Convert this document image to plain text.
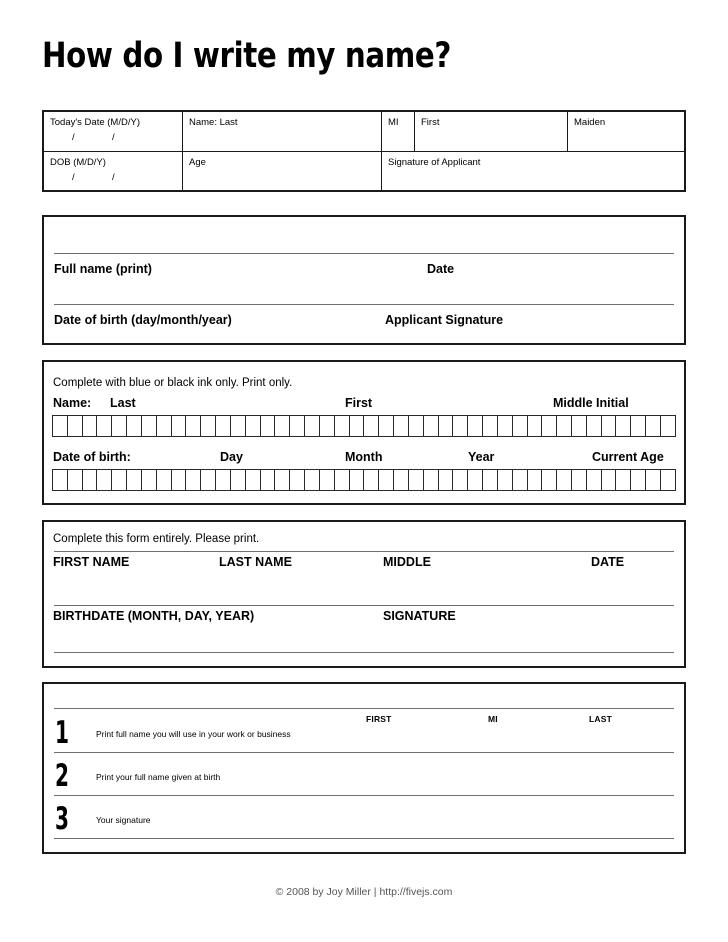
How do I write my name?
Today's Date (M/D/Y)
/ /	Name: Last	MI	First	Maiden
DOB (M/D/Y)
/ /	Age	Signature of Applicant		
Full name (print)	Date
Date of birth (day/month/year)	Applicant Signature
Complete with blue or black ink only. Print only.
Name: Last	First	Middle Initial
Date of birth:	Day	Month	Year	Current Age
Complete this form entirely. Please print.
FIRST NAME	LAST NAME	MIDDLE	DATE
BIRTHDATE (MONTH, DAY, YEAR)	SIGNATURE
FIRST	MI	LAST
1	Print full name you will use in your work or business
2	Print your full name given at birth
3	Your signature
© 2008 by Joy Miller | http://fivejs.com
